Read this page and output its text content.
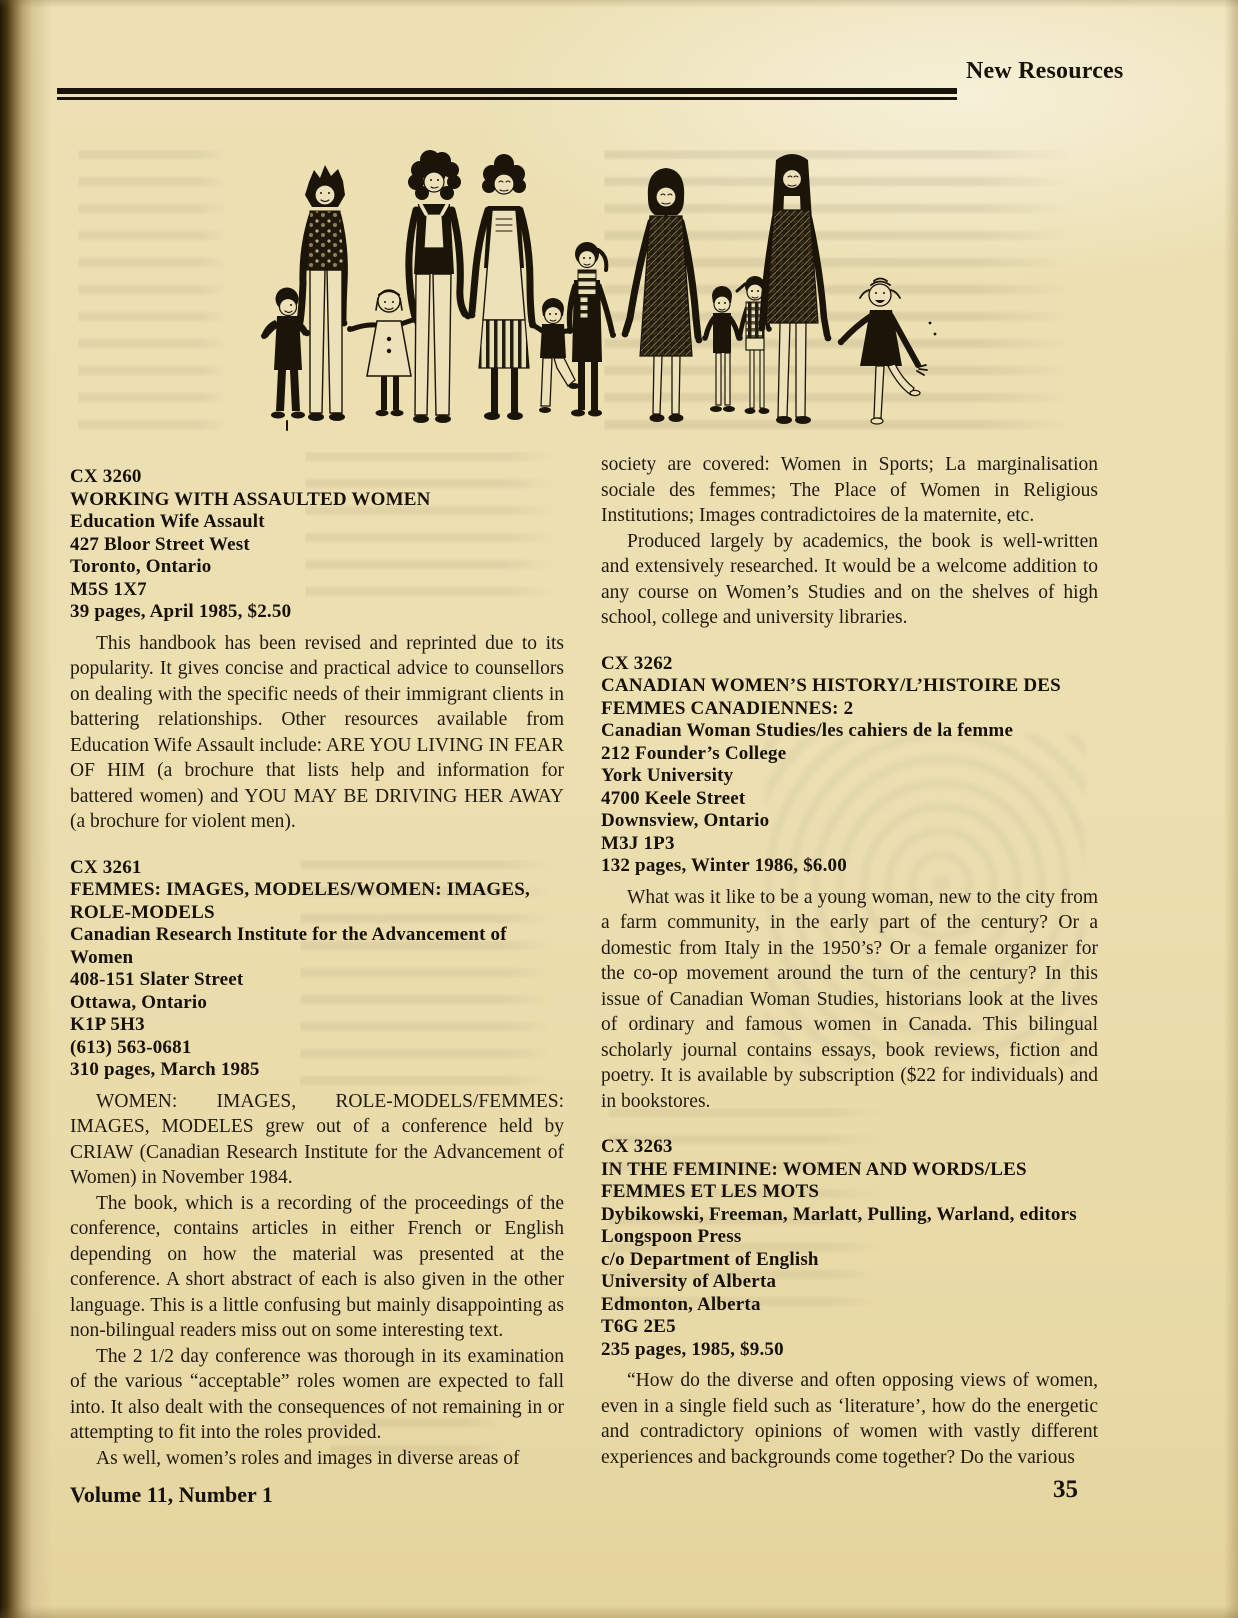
New Resources
CX 3260
WORKING WITH ASSAULTED WOMEN
Education Wife Assault
427 Bloor Street West
Toronto, Ontario
M5S 1X7
39 pages, April 1985, $2.50

This handbook has been revised and reprinted due to its popularity. It gives concise and practical advice to counsellors on dealing with the specific needs of their immigrant clients in battering relationships. Other resources available from Education Wife Assault include: ARE YOU LIVING IN FEAR OF HIM (a brochure that lists help and information for battered women) and YOU MAY BE DRIVING HER AWAY (a brochure for violent men).

CX 3261
FEMMES: IMAGES, MODELES/WOMEN: IMAGES, ROLE-MODELS
Canadian Research Institute for the Advancement of Women
408-151 Slater Street
Ottawa, Ontario
K1P 5H3
(613) 563-0681
310 pages, March 1985

WOMEN: IMAGES, ROLE-MODELS/FEMMES: IMAGES, MODELES grew out of a conference held by CRIAW (Canadian Research Institute for the Advancement of Women) in November 1984.

The book, which is a recording of the proceedings of the conference, contains articles in either French or English depending on how the material was presented at the conference. A short abstract of each is also given in the other language. This is a little confusing but mainly disappointing as non-bilingual readers miss out on some interesting text.

The 2 1/2 day conference was thorough in its examination of the various “acceptable” roles women are expected to fall into. It also dealt with the consequences of not remaining in or attempting to fit into the roles provided.

As well, women’s roles and images in diverse areas of

society are covered: Women in Sports; La marginalisation sociale des femmes; The Place of Women in Religious Institutions; Images contradictoires de la maternite, etc.

Produced largely by academics, the book is well-written and extensively researched. It would be a welcome addition to any course on Women’s Studies and on the shelves of high school, college and university libraries.

CX 3262
CANADIAN WOMEN’S HISTORY/L’HISTOIRE DES FEMMES CANADIENNES: 2
Canadian Woman Studies/les cahiers de la femme
212 Founder’s College
York University
4700 Keele Street
Downsview, Ontario
M3J 1P3
132 pages, Winter 1986, $6.00

What was it like to be a young woman, new to the city from a farm community, in the early part of the century? Or a domestic from Italy in the 1950’s? Or a female organizer for the co-op movement around the turn of the century? In this issue of Canadian Woman Studies, historians look at the lives of ordinary and famous women in Canada. This bilingual scholarly journal contains essays, book reviews, fiction and poetry. It is available by subscription ($22 for individuals) and in bookstores.

CX 3263
IN THE FEMININE: WOMEN AND WORDS/LES FEMMES ET LES MOTS
Dybikowski, Freeman, Marlatt, Pulling, Warland, editors
Longspoon Press
c/o Department of English
University of Alberta
Edmonton, Alberta
T6G 2E5
235 pages, 1985, $9.50

“How do the diverse and often opposing views of women, even in a single field such as ‘literature’, how do the energetic and contradictory opinions of women with vastly different experiences and backgrounds come together? Do the various

Volume 11, Number 1	35
